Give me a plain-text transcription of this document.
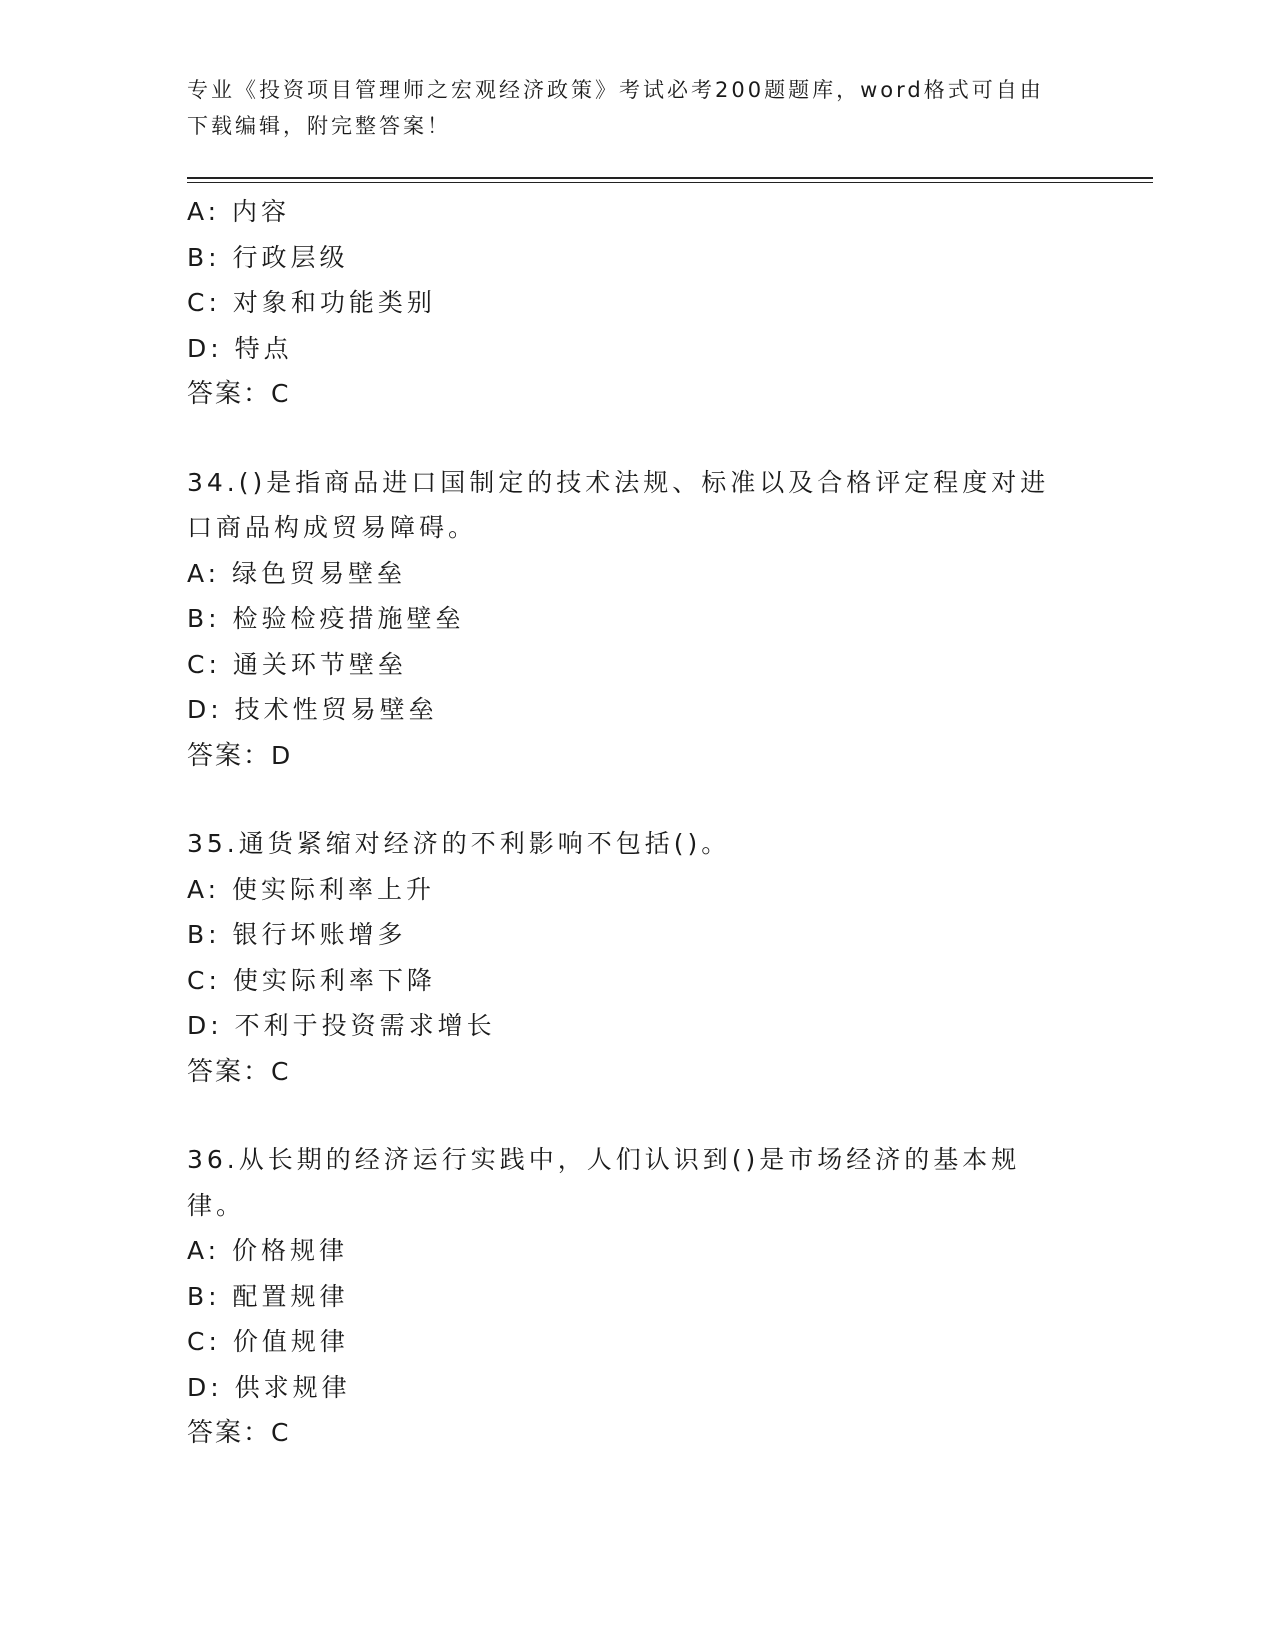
专业《投资项目管理师之宏观经济政策》考试必考200题题库，word格式可自由下载编辑，附完整答案！
A: 内容
B: 行政层级
C: 对象和功能类别
D: 特点
答案：C
34.()是指商品进口国制定的技术法规、标准以及合格评定程度对进口商品构成贸易障碍。
A: 绿色贸易壁垒
B: 检验检疫措施壁垒
C: 通关环节壁垒
D: 技术性贸易壁垒
答案：D
35.通货紧缩对经济的不利影响不包括()。
A: 使实际利率上升
B: 银行坏账增多
C: 使实际利率下降
D: 不利于投资需求增长
答案：C
36.从长期的经济运行实践中，人们认识到()是市场经济的基本规律。
A: 价格规律
B: 配置规律
C: 价值规律
D: 供求规律
答案：C
